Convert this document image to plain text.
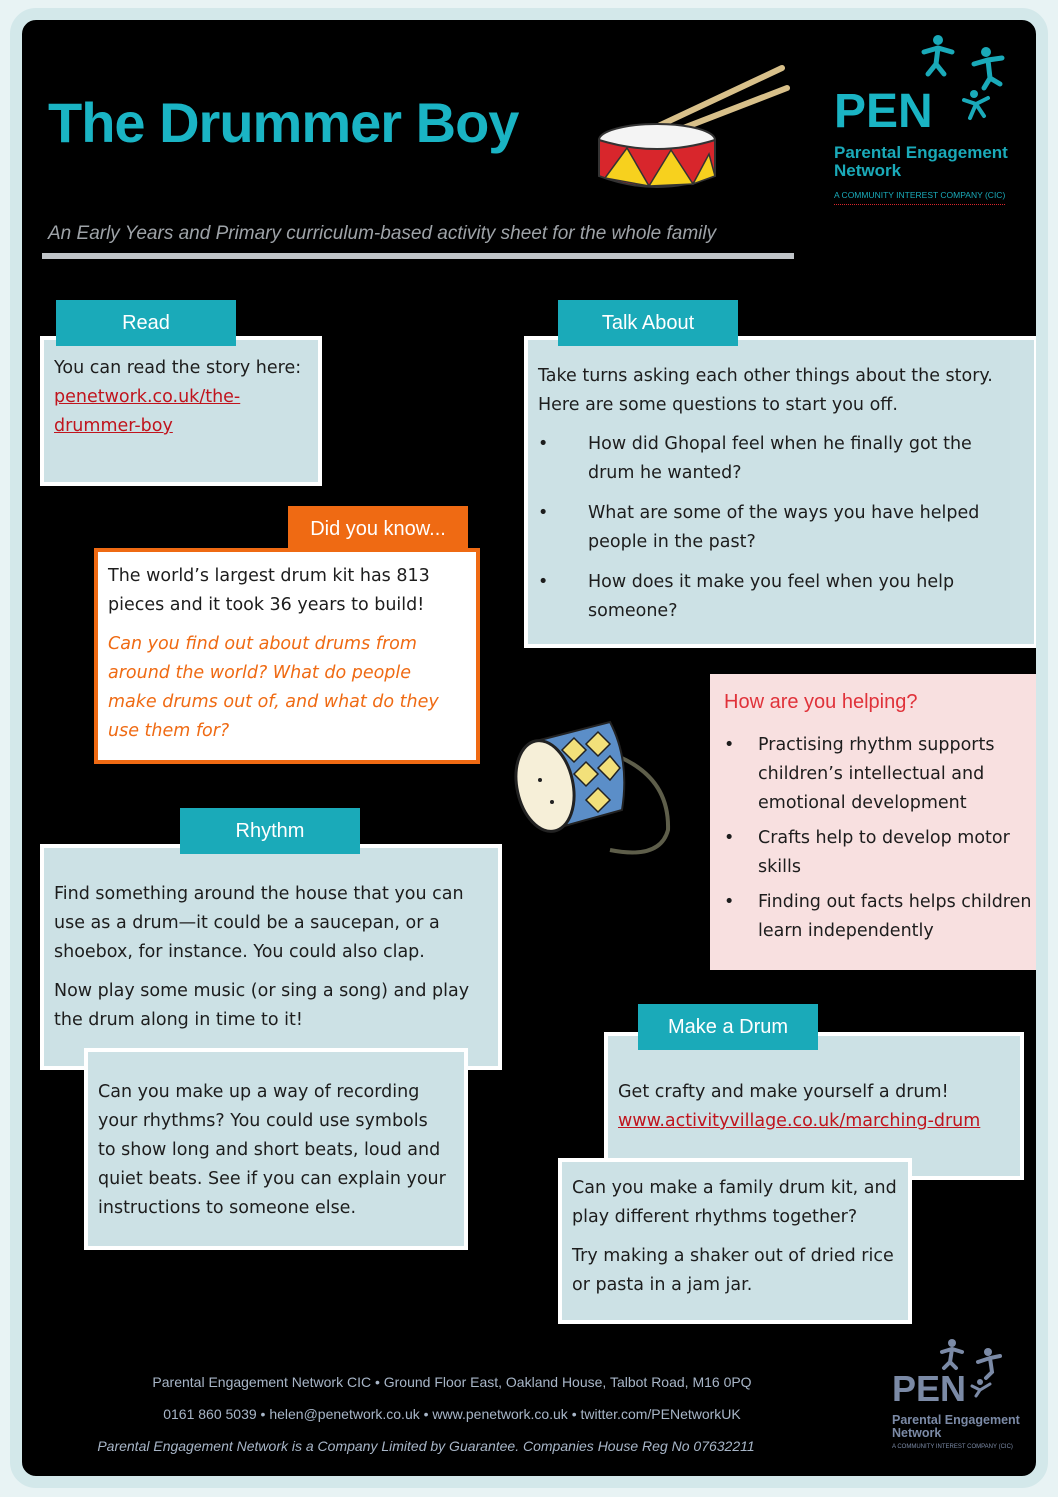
The Drummer Boy	PEN
Parental Engagement
Network
A COMMUNITY INTEREST COMPANY (CIC)
An Early Years and Primary curriculum-based activity sheet for the whole family
You can read the story here:
penetwork.co.uk/the-
drummer-boy
Read

Take turns asking each other things about the story.
Here are some questions to start you off.

• How did Ghopal feel when he finally got the
drum he wanted?
• What are some of the ways you have helped
people in the past?
• How does it make you feel when you help
someone?
Talk About

The world’s largest drum kit has 813
pieces and it took 36 years to build!

Can you find out about drums from
around the world? What do people
make drums out of, and what do they
use them for?

Did you know...
How are you helping?
• Practising rhythm supports
children’s intellectual and
emotional development
• Crafts help to develop motor
skills
• Finding out facts helps children
learn independently

Find something around the house that you can
use as a drum—it could be a saucepan, or a
shoebox, for instance. You could also clap.

Now play some music (or sing a song) and play
the drum along in time to it!

Rhythm

Can you make up a way of recording
your rhythms? You could use symbols
to show long and short beats, loud and
quiet beats. See if you can explain your
instructions to someone else.

Get crafty and make yourself a drum!
www.activityvillage.co.uk/marching-drum
Make a Drum

Can you make a family drum kit, and
play different rhythms together?

Try making a shaker out of dried rice
or pasta in a jam jar.

Parental Engagement Network CIC • Ground Floor East, Oakland House, Talbot Road, M16 0PQ
0161 860 5039 • helen@penetwork.co.uk • www.penetwork.co.uk • twitter.com/PENetworkUK
Parental Engagement Network is a Company Limited by Guarantee. Companies House Reg No 07632211
PEN
Parental Engagement
Network
A COMMUNITY INTEREST COMPANY (CIC)
